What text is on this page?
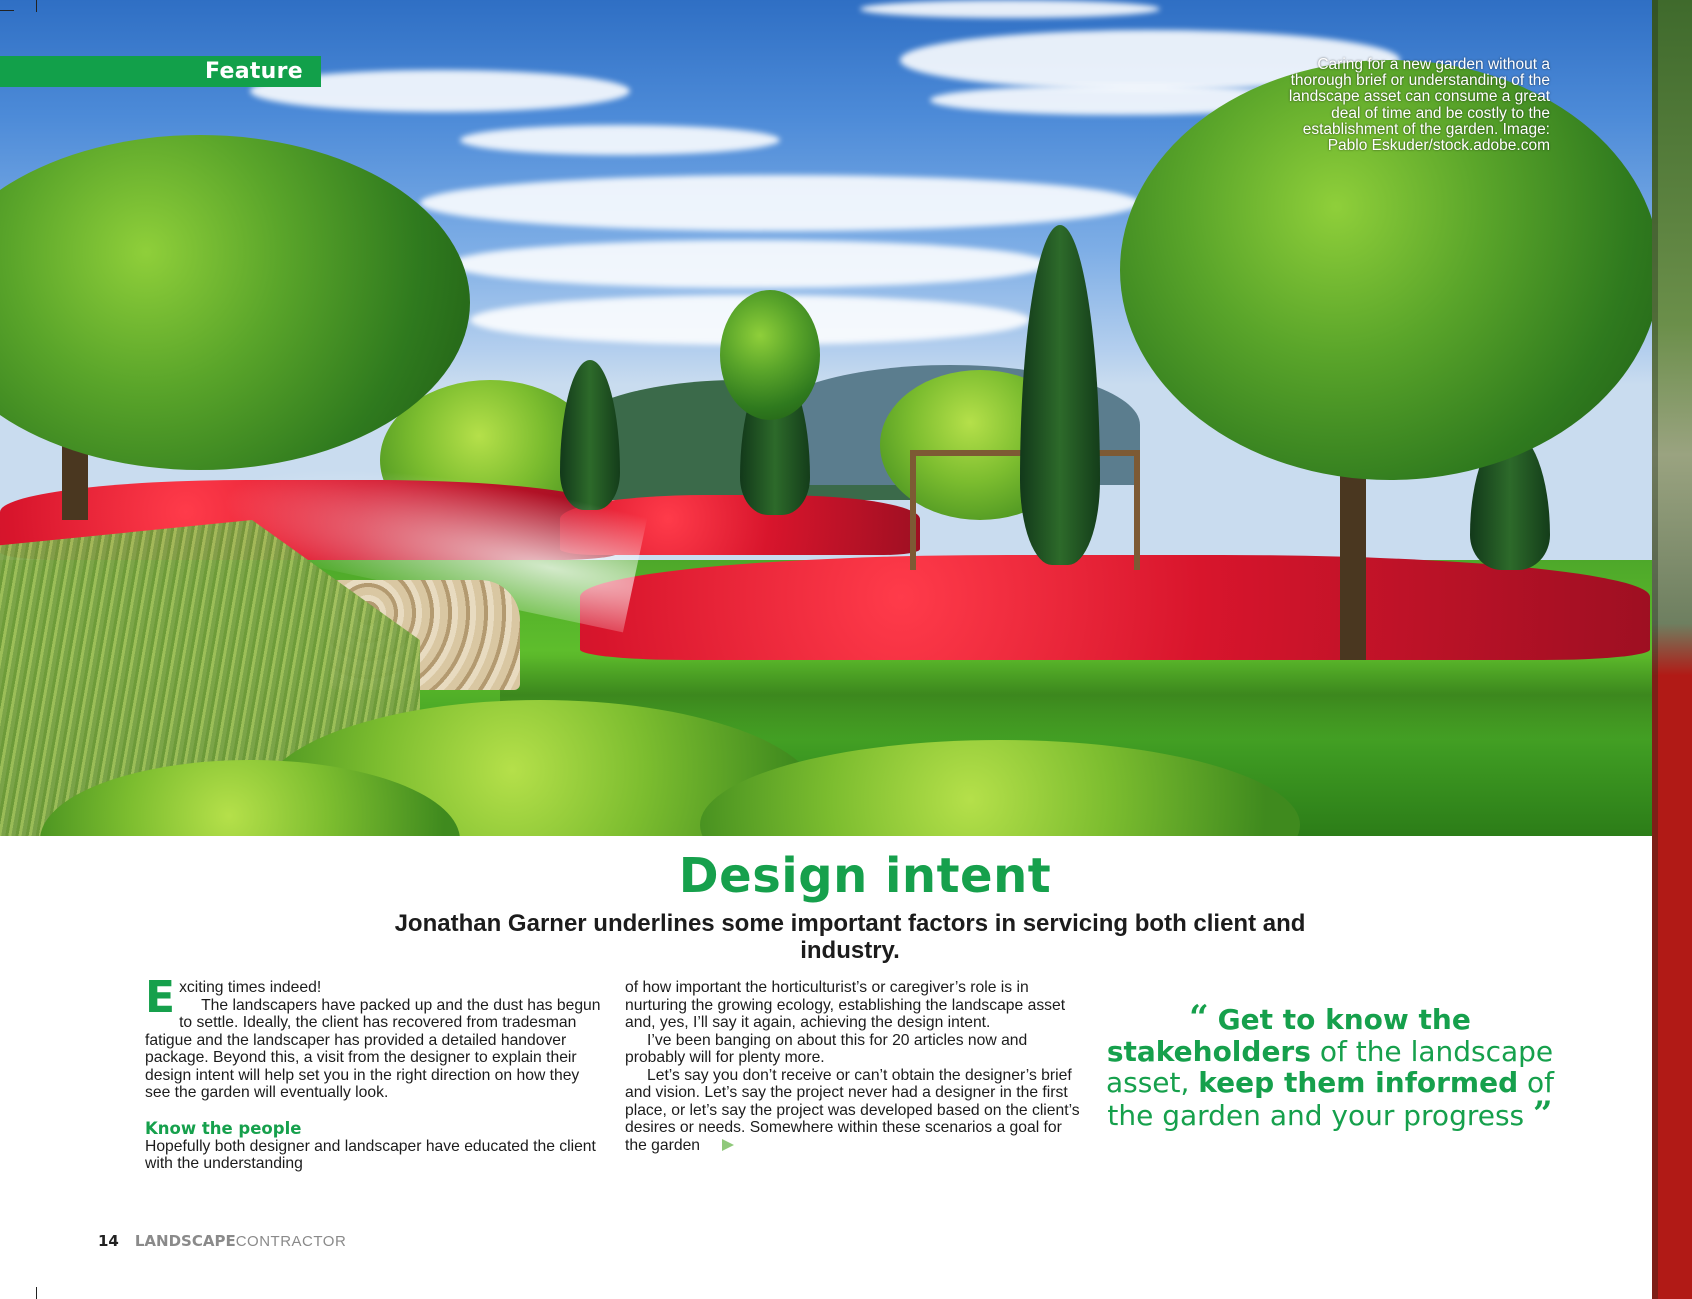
Feature	Caring for a new garden without a thorough brief or understanding of the landscape asset can consume a great deal of time and be costly to the establishment of the garden. Image: Pablo Eskuder/stock.adobe.com
Design intent
Jonathan Garner underlines some important factors in servicing both client and industry.

Exciting times indeed!

The landscapers have packed up and the dust has begun to settle. Ideally, the client has recovered from tradesman fatigue and the landscaper has provided a detailed handover package. Beyond this, a visit from the designer to explain their design intent will help set you in the right direction on how they see the garden will eventually look.

Know the people

Hopefully both designer and landscaper have educated the client with the understanding

of how important the horticulturist’s or caregiver’s role is in nurturing the growing ecology, establishing the landscape asset and, yes, I’ll say it again, achieving the design intent.

I’ve been banging on about this for 20 articles now and probably will for plenty more.

Let’s say you don’t receive or can’t obtain the designer’s brief and vision. Let’s say the project never had a designer in the first place, or let’s say the project was developed based on the client’s desires or needs. Somewhere within these scenarios a goal for the garden

“ Get to know the stakeholders of the landscape asset, keep them informed of the garden and your progress ”
14 LANDSCAPECONTRACTOR
